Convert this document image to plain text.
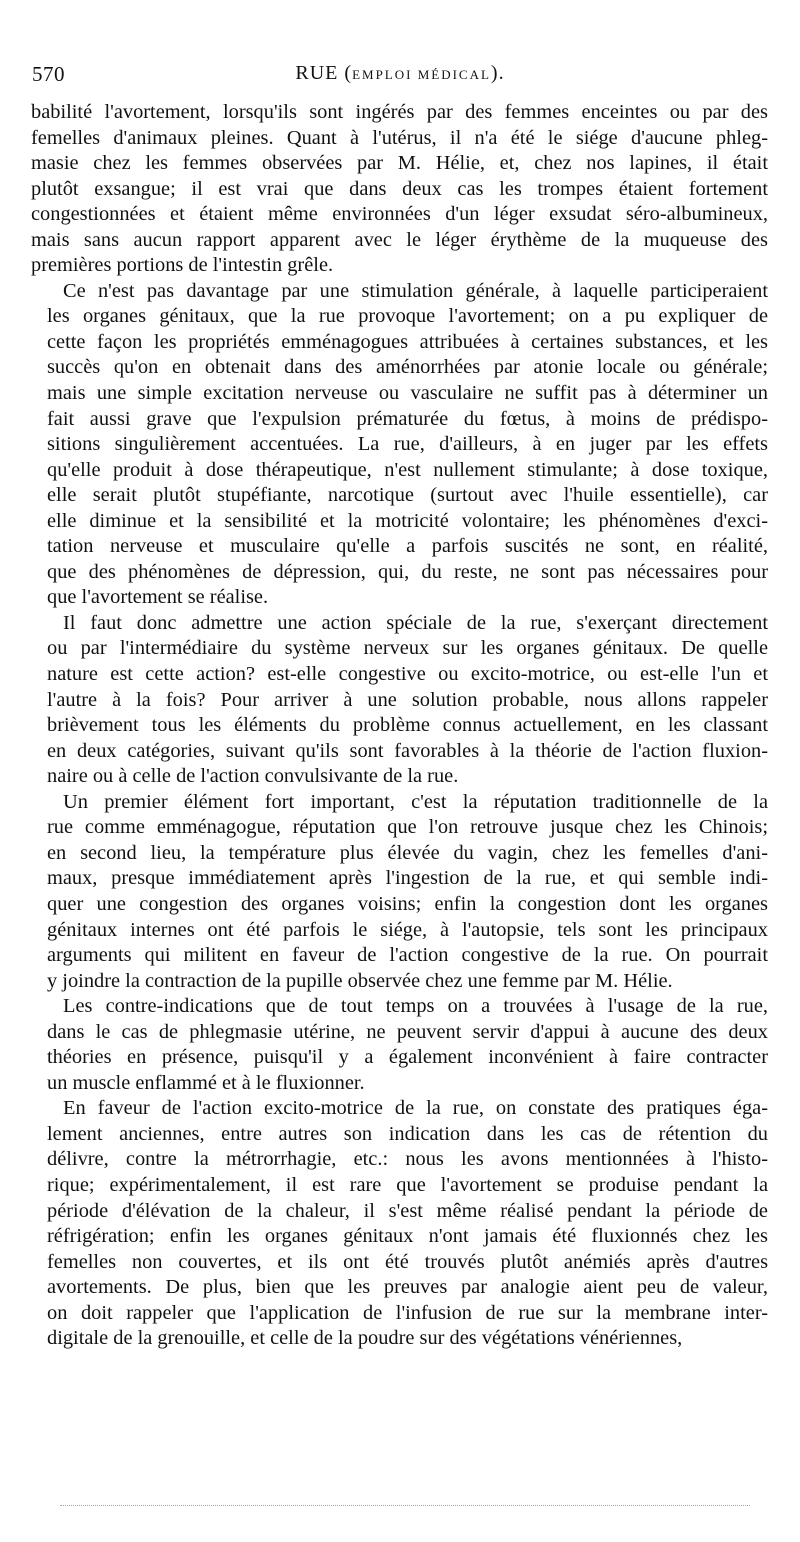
570	RUE (EMPLOI MÉDICAL).

babilité l'avortement, lorsqu'ils sont ingérés par des femmes enceintes ou par des
femelles d'animaux pleines. Quant à l'utérus, il n'a été le siége d'aucune phleg-
masie chez les femmes observées par M. Hélie, et, chez nos lapines, il était
plutôt exsangue; il est vrai que dans deux cas les trompes étaient fortement
congestionnées et étaient même environnées d'un léger exsudat séro-albumineux,
mais sans aucun rapport apparent avec le léger érythème de la muqueuse des
premières portions de l'intestin grêle.

Ce n'est pas davantage par une stimulation générale, à laquelle participeraient
les organes génitaux, que la rue provoque l'avortement; on a pu expliquer de
cette façon les propriétés emménagogues attribuées à certaines substances, et les
succès qu'on en obtenait dans des aménorrhées par atonie locale ou générale;
mais une simple excitation nerveuse ou vasculaire ne suffit pas à déterminer un
fait aussi grave que l'expulsion prématurée du fœtus, à moins de prédispo-
sitions singulièrement accentuées. La rue, d'ailleurs, à en juger par les effets
qu'elle produit à dose thérapeutique, n'est nullement stimulante; à dose toxique,
elle serait plutôt stupéfiante, narcotique (surtout avec l'huile essentielle), car
elle diminue et la sensibilité et la motricité volontaire; les phénomènes d'exci-
tation nerveuse et musculaire qu'elle a parfois suscités ne sont, en réalité,
que des phénomènes de dépression, qui, du reste, ne sont pas nécessaires pour
que l'avortement se réalise.

Il faut donc admettre une action spéciale de la rue, s'exerçant directement
ou par l'intermédiaire du système nerveux sur les organes génitaux. De quelle
nature est cette action? est-elle congestive ou excito-motrice, ou est-elle l'un et
l'autre à la fois? Pour arriver à une solution probable, nous allons rappeler
brièvement tous les éléments du problème connus actuellement, en les classant
en deux catégories, suivant qu'ils sont favorables à la théorie de l'action fluxion-
naire ou à celle de l'action convulsivante de la rue.

Un premier élément fort important, c'est la réputation traditionnelle de la
rue comme emménagogue, réputation que l'on retrouve jusque chez les Chinois;
en second lieu, la température plus élevée du vagin, chez les femelles d'ani-
maux, presque immédiatement après l'ingestion de la rue, et qui semble indi-
quer une congestion des organes voisins; enfin la congestion dont les organes
génitaux internes ont été parfois le siége, à l'autopsie, tels sont les principaux
arguments qui militent en faveur de l'action congestive de la rue. On pourrait
y joindre la contraction de la pupille observée chez une femme par M. Hélie.

Les contre-indications que de tout temps on a trouvées à l'usage de la rue,
dans le cas de phlegmasie utérine, ne peuvent servir d'appui à aucune des deux
théories en présence, puisqu'il y a également inconvénient à faire contracter
un muscle enflammé et à le fluxionner.

En faveur de l'action excito-motrice de la rue, on constate des pratiques éga-
lement anciennes, entre autres son indication dans les cas de rétention du
délivre, contre la métrorrhagie, etc.: nous les avons mentionnées à l'histo-
rique; expérimentalement, il est rare que l'avortement se produise pendant la
période d'élévation de la chaleur, il s'est même réalisé pendant la période de
réfrigération; enfin les organes génitaux n'ont jamais été fluxionnés chez les
femelles non couvertes, et ils ont été trouvés plutôt anémiés après d'autres
avortements. De plus, bien que les preuves par analogie aient peu de valeur,
on doit rappeler que l'application de l'infusion de rue sur la membrane inter-
digitale de la grenouille, et celle de la poudre sur des végétations vénériennes,
